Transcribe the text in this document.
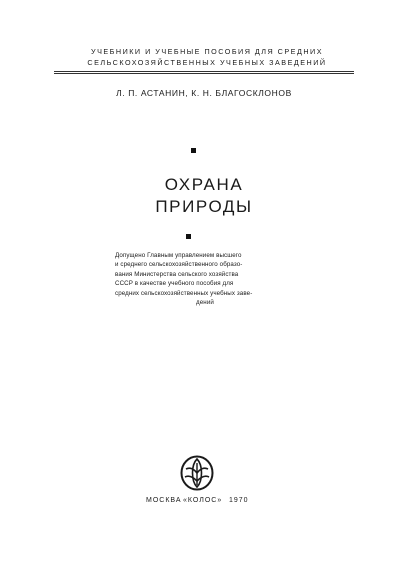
УЧЕБНИКИ И УЧЕБНЫЕ ПОСОБИЯ ДЛЯ СРЕДНИХ
СЕЛЬСКОХОЗЯЙСТВЕННЫХ УЧЕБНЫХ ЗАВЕДЕНИЙ
Л. П. АСТАНИН, К. Н. БЛАГОСКЛОНОВ
ОХРАНА
ПРИРОДЫ
Допущено Главным управлением высшего
и среднего сельскохозяйственного образо-
вания Министерства сельского хозяйства
СССР в качестве учебного пособия для
средних сельскохозяйственных учебных заве-
дений
МОСКВА «КОЛОС» 1970
